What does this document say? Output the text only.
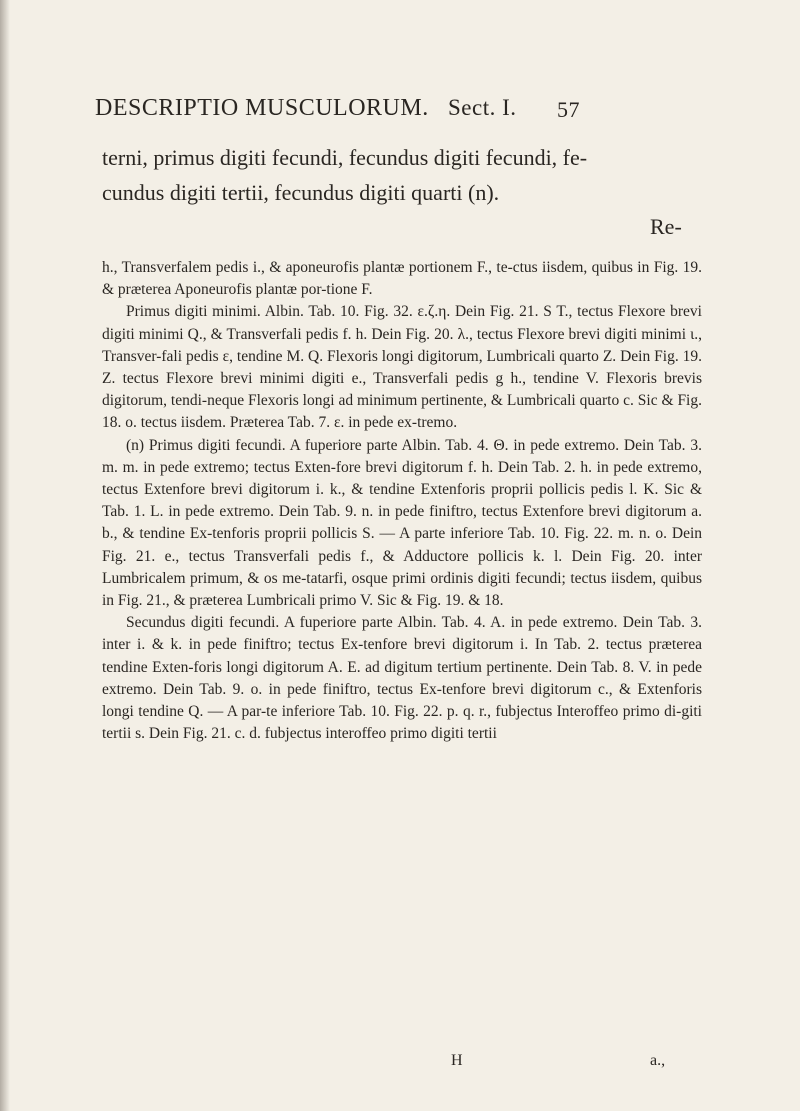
DESCRIPTIO MUSCULORUM. Sect. I. 57

terni, primus digiti fecundi, fecundus digiti fecundi, fe-

cundus digiti tertii, fecundus digiti quarti (n).

Re-

h., Transverfalem pedis i., & aponeurofis plantæ portionem F., te-ctus iisdem, quibus in Fig. 19. & præterea Aponeurofis plantæ por-tione F.

Primus digiti minimi. Albin. Tab. 10. Fig. 32. ε.ζ.η. Dein Fig. 21. S T., tectus Flexore brevi digiti minimi Q., & Transverfali pedis f. h. Dein Fig. 20. λ., tectus Flexore brevi digiti minimi ι., Transver-fali pedis ε, tendine M. Q. Flexoris longi digitorum, Lumbricali quarto Z. Dein Fig. 19. Z. tectus Flexore brevi minimi digiti e., Transverfali pedis g h., tendine V. Flexoris brevis digitorum, tendi-neque Flexoris longi ad minimum pertinente, & Lumbricali quarto c. Sic & Fig. 18. o. tectus iisdem. Præterea Tab. 7. ε. in pede ex-tremo.

(n) Primus digiti fecundi. A fuperiore parte Albin. Tab. 4. Θ. in pede extremo. Dein Tab. 3. m. m. in pede extremo; tectus Exten-fore brevi digitorum f. h. Dein Tab. 2. h. in pede extremo, tectus Extenfore brevi digitorum i. k., & tendine Extenforis proprii pollicis pedis l. K. Sic & Tab. 1. L. in pede extremo. Dein Tab. 9. n. in pede finiftro, tectus Extenfore brevi digitorum a. b., & tendine Ex-tenforis proprii pollicis S. — A parte inferiore Tab. 10. Fig. 22. m. n. o. Dein Fig. 21. e., tectus Transverfali pedis f., & Adductore pollicis k. l. Dein Fig. 20. inter Lumbricalem primum, & os me-tatarfi, osque primi ordinis digiti fecundi; tectus iisdem, quibus in Fig. 21., & præterea Lumbricali primo V. Sic & Fig. 19. & 18.

Secundus digiti fecundi. A fuperiore parte Albin. Tab. 4. A. in pede extremo. Dein Tab. 3. inter i. & k. in pede finiftro; tectus Ex-tenfore brevi digitorum i. In Tab. 2. tectus præterea tendine Exten-foris longi digitorum A. E. ad digitum tertium pertinente. Dein Tab. 8. V. in pede extremo. Dein Tab. 9. o. in pede finiftro, tectus Ex-tenfore brevi digitorum c., & Extenforis longi tendine Q. — A par-te inferiore Tab. 10. Fig. 22. p. q. r., fubjectus Interoffeo primo di-giti tertii s. Dein Fig. 21. c. d. fubjectus interoffeo primo digiti tertii

H	a.,
